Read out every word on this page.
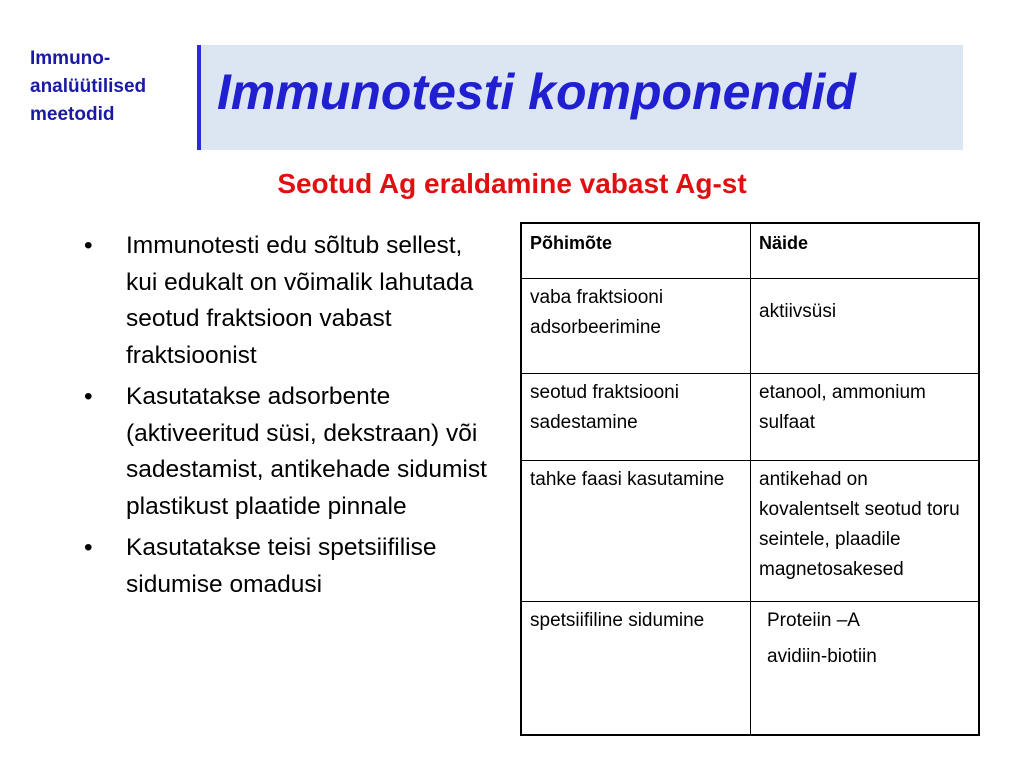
Immuno-
analüütilised
meetodid	Immunotesti komponendid

Seotud Ag eraldamine vabast Ag-st

• Immunotesti edu sõltub sellest, kui edukalt on võimalik lahutada seotud fraktsioon vabast fraktsioonist
• Kasutatakse adsorbente (aktiveeritud süsi, dekstraan) või sadestamist, antikehade sidumist plastikust plaatide pinnale
• Kasutatakse teisi spetsiifilise sidumise omadusi
Põhimõte	Näide
vaba fraktsiooni adsorbeerimine	aktiivsüsi

seotud fraktsiooni sadestamine	etanool, ammonium sulfaat
tahke faasi kasutamine	antikehad on kovalentselt seotud toru seintele, plaadile magnetosakesed
spetsiifiline sidumine	Proteiin –A
avidiin-biotiin
